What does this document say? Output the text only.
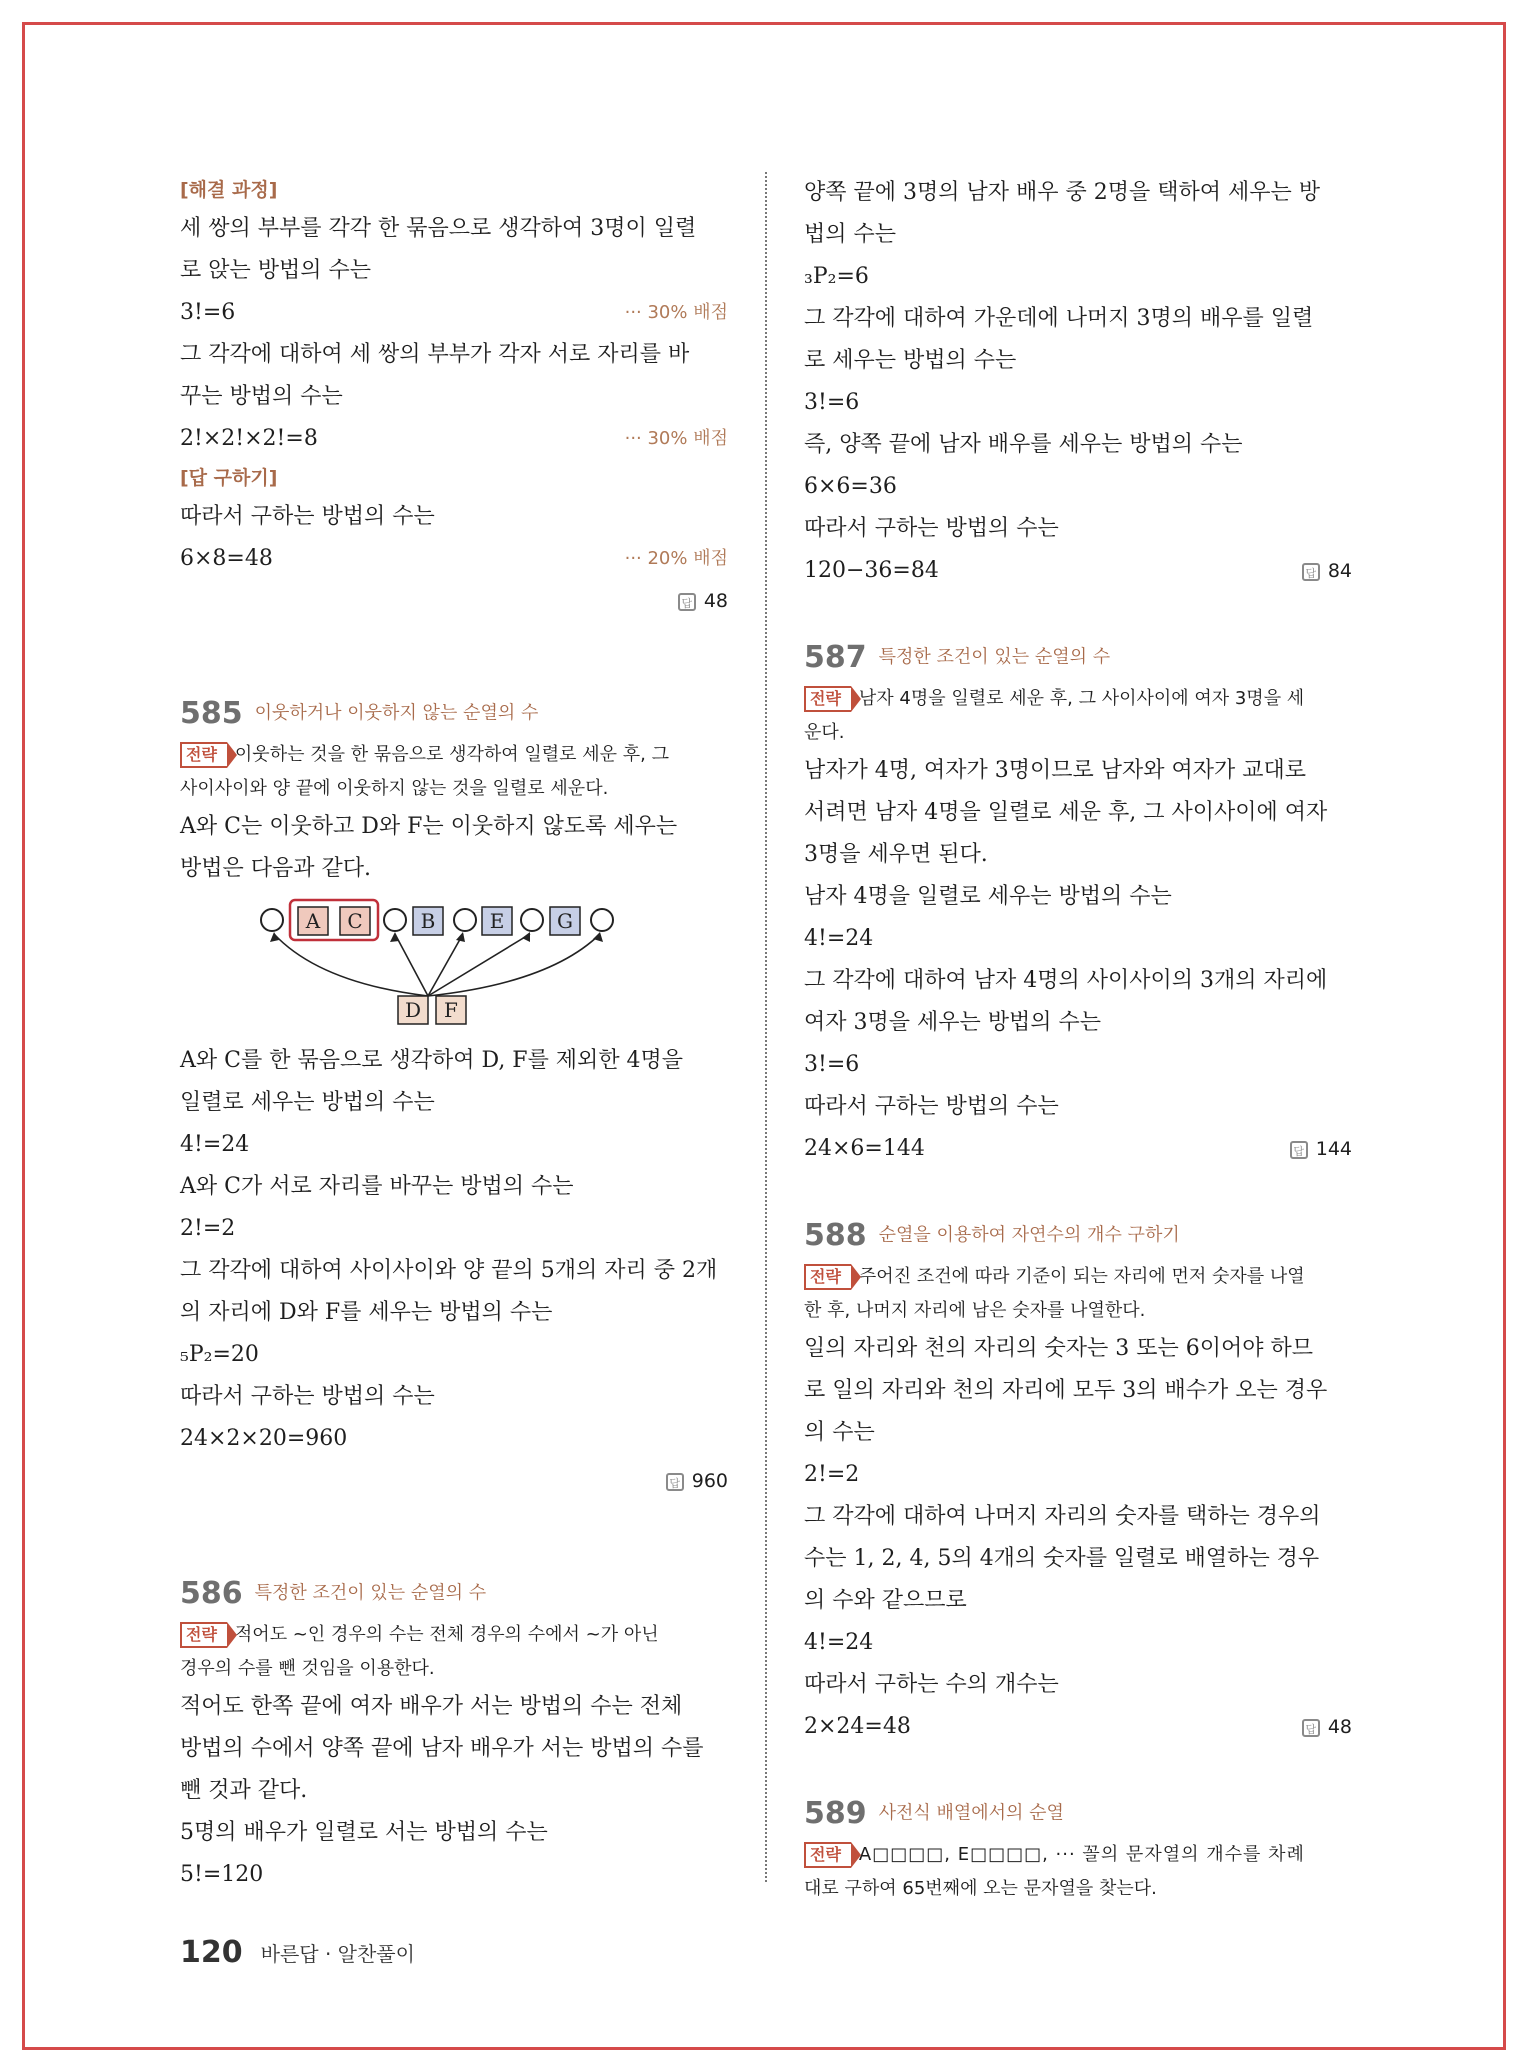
[해결 과정]
세 쌍의 부부를 각각 한 묶음으로 생각하여 3명이 일렬
로 앉는 방법의 수는
3!=6	··· 30% 배점
그 각각에 대하여 세 쌍의 부부가 각자 서로 자리를 바
꾸는 방법의 수는
2!×2!×2!=8	··· 30% 배점
[답 구하기]
따라서 구하는 방법의 수는
6×8=48	··· 20% 배점
답 48
585 이웃하거나 이웃하지 않는 순열의 수
전략 이웃하는 것을 한 묶음으로 생각하여 일렬로 세운 후, 그
사이사이와 양 끝에 이웃하지 않는 것을 일렬로 세운다.
A와 C는 이웃하고 D와 F는 이웃하지 않도록 세우는
방법은 다음과 같다.
A C	B	E	G
D F
A와 C를 한 묶음으로 생각하여 D, F를 제외한 4명을
일렬로 세우는 방법의 수는
4!=24
A와 C가 서로 자리를 바꾸는 방법의 수는
2!=2
그 각각에 대하여 사이사이와 양 끝의 5개의 자리 중 2개
의 자리에 D와 F를 세우는 방법의 수는
₅P₂=20
따라서 구하는 방법의 수는
24×2×20=960
답 960
586 특정한 조건이 있는 순열의 수
전략 적어도 ~인 경우의 수는 전체 경우의 수에서 ~가 아닌
경우의 수를 뺀 것임을 이용한다.
적어도 한쪽 끝에 여자 배우가 서는 방법의 수는 전체
방법의 수에서 양쪽 끝에 남자 배우가 서는 방법의 수를
뺀 것과 같다.
5명의 배우가 일렬로 서는 방법의 수는
5!=120
양쪽 끝에 3명의 남자 배우 중 2명을 택하여 세우는 방
법의 수는
₃P₂=6
그 각각에 대하여 가운데에 나머지 3명의 배우를 일렬
로 세우는 방법의 수는
3!=6
즉, 양쪽 끝에 남자 배우를 세우는 방법의 수는
6×6=36
따라서 구하는 방법의 수는
120−36=84	답 84
587 특정한 조건이 있는 순열의 수
전략 남자 4명을 일렬로 세운 후, 그 사이사이에 여자 3명을 세
운다.
남자가 4명, 여자가 3명이므로 남자와 여자가 교대로
서려면 남자 4명을 일렬로 세운 후, 그 사이사이에 여자
3명을 세우면 된다.
남자 4명을 일렬로 세우는 방법의 수는
4!=24
그 각각에 대하여 남자 4명의 사이사이의 3개의 자리에
여자 3명을 세우는 방법의 수는
3!=6
따라서 구하는 방법의 수는
24×6=144	답 144
588 순열을 이용하여 자연수의 개수 구하기
전략 주어진 조건에 따라 기준이 되는 자리에 먼저 숫자를 나열
한 후, 나머지 자리에 남은 숫자를 나열한다.
일의 자리와 천의 자리의 숫자는 3 또는 6이어야 하므
로 일의 자리와 천의 자리에 모두 3의 배수가 오는 경우
의 수는
2!=2
그 각각에 대하여 나머지 자리의 숫자를 택하는 경우의
수는 1, 2, 4, 5의 4개의 숫자를 일렬로 배열하는 경우
의 수와 같으므로
4!=24
따라서 구하는 수의 개수는
2×24=48	답 48
589 사전식 배열에서의 순열
전략 A□□□□, E□□□□, ··· 꼴의 문자열의 개수를 차례
대로 구하여 65번째에 오는 문자열을 찾는다.
120 바른답 · 알찬풀이
